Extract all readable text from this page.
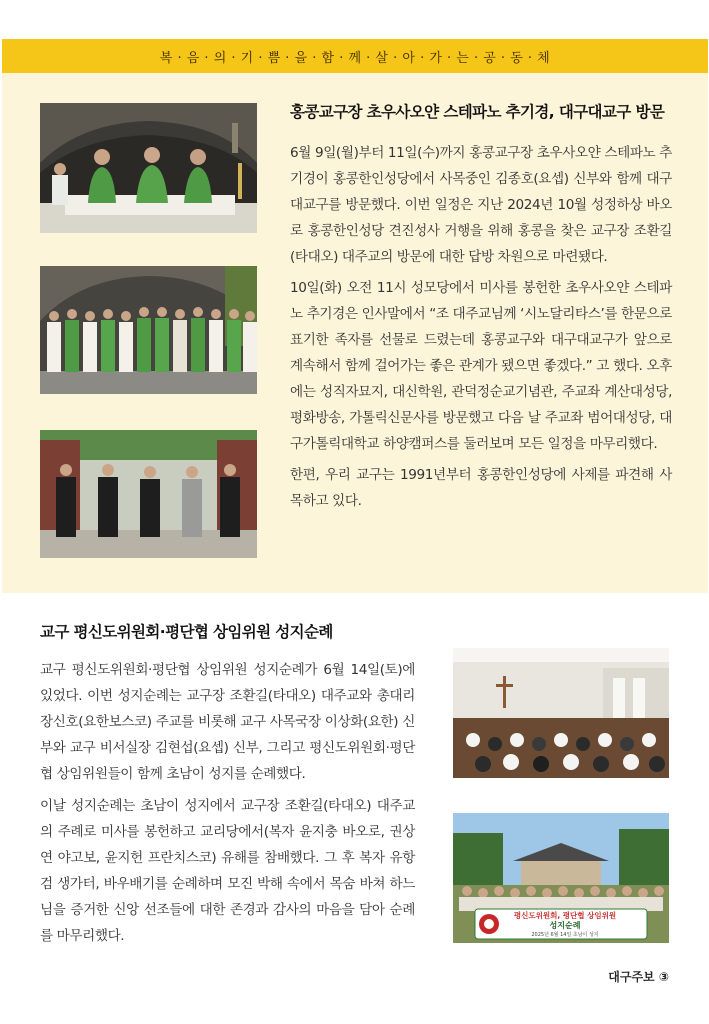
복 · 음 · 의 · 기 · 쁨 · 을 · 함 · 께 · 살 · 아 · 가 · 는 · 공 · 동 · 체
홍콩교구장 초우사오얀 스테파노 추기경, 대구대교구 방문

6월 9일(월)부터 11일(수)까지 홍콩교구장 초우사오얀 스테파노 추기경이 홍콩한인성당에서 사목중인 김종호(요셉) 신부와 함께 대구대교구를 방문했다. 이번 일정은 지난 2024년 10월 성정하상 바오로 홍콩한인성당 견진성사 거행을 위해 홍콩을 찾은 교구장 조환길(타대오) 대주교의 방문에 대한 답방 차원으로 마련됐다.

10일(화) 오전 11시 성모당에서 미사를 봉헌한 초우사오얀 스테파노 추기경은 인사말에서 “조 대주교님께 ‘시노달리타스’를 한문으로 표기한 족자를 선물로 드렸는데 홍콩교구와 대구대교구가 앞으로 계속해서 함께 걸어가는 좋은 관계가 됐으면 좋겠다.” 고 했다. 오후에는 성직자묘지, 대신학원, 관덕정순교기념관, 주교좌 계산대성당, 평화방송, 가톨릭신문사를 방문했고 다음 날 주교좌 범어대성당, 대구가톨릭대학교 하양캠퍼스를 둘러보며 모든 일정을 마무리했다.

한편, 우리 교구는 1991년부터 홍콩한인성당에 사제를 파견해 사목하고 있다.

교구 평신도위원회·평단협 상임위원 성지순례

교구 평신도위원회·평단협 상임위원 성지순례가 6월 14일(토)에 있었다. 이번 성지순례는 교구장 조환길(타대오) 대주교와 총대리 장신호(요한보스코) 주교를 비롯해 교구 사목국장 이상화(요한) 신부와 교구 비서실장 김현섭(요셉) 신부, 그리고 평신도위원회·평단협 상임위원들이 함께 초남이 성지를 순례했다.

이날 성지순례는 초남이 성지에서 교구장 조환길(타대오) 대주교의 주례로 미사를 봉헌하고 교리당에서(복자 윤지충 바오로, 권상연 야고보, 윤지헌 프란치스코) 유해를 참배했다. 그 후 복자 유항검 생가터, 바우배기를 순례하며 모진 박해 속에서 목숨 바쳐 하느님을 증거한 신앙 선조들에 대한 존경과 감사의 마음을 담아 순례를 마무리했다.

평신도위원회, 평단협 상임위원
성지순례
2025년 6월 14일 초남이 성지
대구주보 ③
